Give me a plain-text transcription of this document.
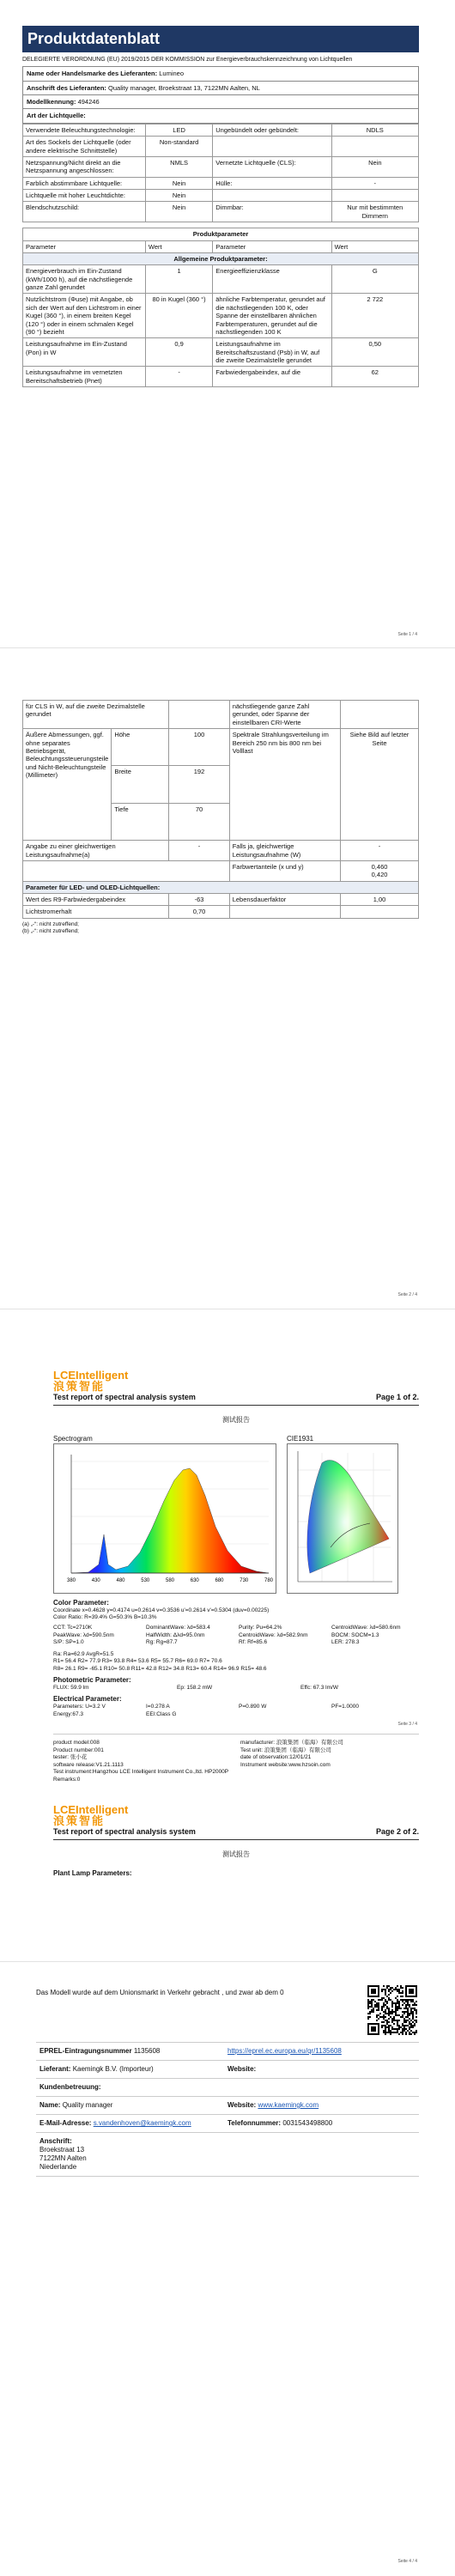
Produktdatenblatt
DELEGIERTE VERORDNUNG (EU) 2019/2015 DER KOMMISSION zur Energieverbrauchskennzeichnung von Lichtquellen
Name oder Handelsmarke des Lieferanten: Lumineo
Anschrift des Lieferanten: Quality manager, Broekstraat 13, 7122MN Aalten, NL
Modellkennung: 494246
Art der Lichtquelle:
Verwendete Beleuchtungstechnologie:	LED	Ungebündelt oder gebündelt:	NDLS
Art des Sockels der Lichtquelle (oder andere elektrische Schnittstelle)	Non-standard		
Netzspannung/Nicht direkt an die Netzspannung angeschlossen:	NMLS	Vernetzte Lichtquelle (CLS):	Nein
Farblich abstimmbare Lichtquelle:	Nein	Hülle:	-
Lichtquelle mit hoher Leuchtdichte:	Nein		
Blendschutzschild:	Nein	Dimmbar:	Nur mit bestimmten Dimmern
Produktparameter			
Parameter	Wert	Parameter	Wert
Allgemeine Produktparameter:			
Energieverbrauch im Ein-Zustand (kWh/1000 h), auf die nächstliegende ganze Zahl gerundet	1	Energieeffizienzklasse	G
Nutzlichtstrom (Φuse) mit Angabe, ob sich der Wert auf den Lichtstrom in einer Kugel (360 °), in einem breiten Kegel (120 °) oder in einem schmalen Kegel (90 °) bezieht	80 in Kugel (360 °)	ähnliche Farbtemperatur, gerundet auf die nächstliegenden 100 K, oder Spanne der einstellbaren ähnlichen Farbtemperaturen, gerundet auf die nächstliegenden 100 K	2 722
Leistungsaufnahme im Ein-Zustand (Pon) in W	0,9	Leistungsaufnahme im Bereitschaftszustand (Psb) in W, auf die zweite Dezimalstelle gerundet	0,50
Leistungsaufnahme im vernetzten Bereitschaftsbetrieb (Pnet)	-	Farbwiedergabeindex, auf die	62
Seite 1 / 4
für CLS in W, auf die zweite Dezimalstelle gerundet			nächstliegende ganze Zahl gerundet, oder Spanne der einstellbaren CRI-Werte	
Äußere Abmessungen, ggf. ohne separates Betriebsgerät, Beleuchtungssteuerungsteile und Nicht-Beleuchtungsteile (Millimeter)	Höhe	100	Spektrale Strahlungsverteilung im Bereich 250 nm bis 800 nm bei Volllast	Siehe Bild auf letzter Seite
	Breite	192		
	Tiefe	70		
Angabe zu einer gleichwertigen Leistungsaufnahme(a)		-	Falls ja, gleichwertige Leistungsaufnahme (W)	-
			Farbwertanteile (x und y)	0,460
0,420

Parameter für LED- und OLED-Lichtquellen:				
Wert des R9-Farbwiedergabeindex		-63	Lebensdauerfaktor	1,00
Lichtstromerhalt		0,70		
(a) „-“: nicht zutreffend;
(b) „-“: nicht zutreffend;
Seite 2 / 4
LCEIntelligent
浪策智能
Test report of spectral analysis system	Page 1 of 2.
测试报告
Spectrogram
380	430	480	530	580	630	680	730	780
CIE1931
Color Parameter:
Coordinate x=0.4628 y=0.4174 u=0.2614 v=0.3536 u'=0.2614 v'=0.5304 (duv=0.00225)
Color Ratio: R=39.4% G=50.3% B=10.3%
CCT: Tc=2710K	DominantWave: λd=583.4	Purity: Pu=64.2%	CentroidWave: λd=580.6nm
PeakWave: λd=590.5nm	HalfWidth: Δλd=95.0nm	CentroidWave: λd=582.9nm	BOCM: SOCM=1.3
S/P: SP=1.0	Rg: Rg=87.7	Rf: Rf=85.6	LER: 278.3
Ra: Ra=62.9 AvgR=51.5
R1= 56.4 R2= 77.9 R3= 93.8 R4= 53.6 R5= 55.7 R6= 69.0 R7= 70.6
R8= 26.1 R9= -65.1 R10= 50.8 R11= 42.8 R12= 34.8 R13= 60.4 R14= 96.9 R15= 48.6
Photometric Parameter:
FLUX: 59.9 lm	Ep: 158.2 mW	Effc: 67.3 lm/W
Electrical Parameter:
Parameters: U=3.2 V	I=0.278 A	P=0.890 W	PF=1.0000
Energy:67.3	EEI:Class G
product model:008
Product number:001
tester: 张小花
software release:V1.21.1113
Test instrument:Hangzhou LCE Intelligent Instrument Co.,ltd. HP2000P
Remarks:0
manufacturer: 浪策集团（临海）有限公司
Test unit: 浪策集团（临海）有限公司
date of observation:12/01/21
Instrument website:www.hzsoin.com
LCEIntelligent
浪策智能
Test report of spectral analysis system	Page 2 of 2.
测试报告
Plant Lamp Parameters:
Seite 3 / 4
Das Modell wurde auf dem Unionsmarkt in Verkehr gebracht , und zwar ab dem 0
EPREL-Eintragungsnummer 1135608	https://eprel.ec.europa.eu/qr/1135608
Lieferant: Kaemingk B.V. (Importeur)	Website:
Kundenbetreuung:
Name: Quality manager	Website: www.kaemingk.com
E-Mail-Adresse: s.vandenhoven@kaemingk.com	Telefonnummer: 0031543498800
Anschrift:
Broekstraat 13
7122MN Aalten
Niederlande
Seite 4 / 4
